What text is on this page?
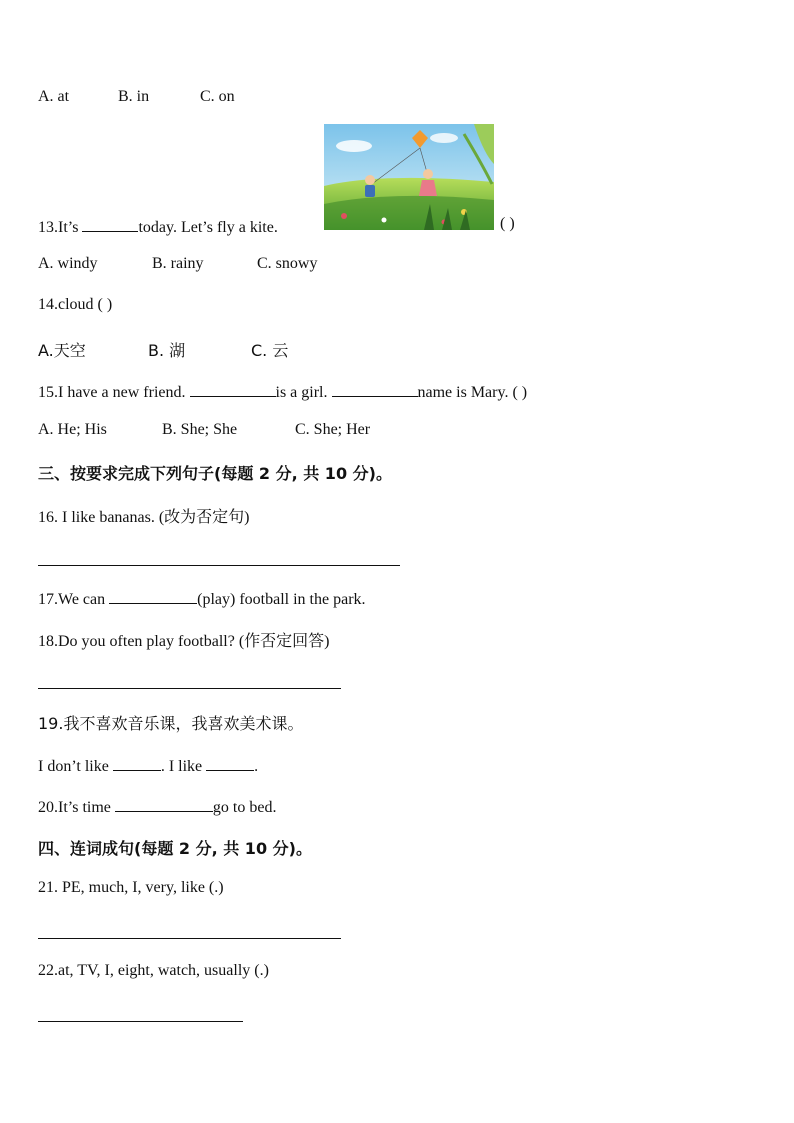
A. at	B. in	C. on
13.It’s	today. Let’s fly a kite.	( )
A. windy	B. rainy	C. snowy
14.cloud ( )
A.天空	B. 湖	C. 云
15.I have a new friend.	is a girl.	name is Mary. ( )
A. He; His	B. She; She	C. She; Her
三、按要求完成下列句子(每题 2 分, 共 10 分)。
16. I like bananas. (改为否定句)
17.We can	(play) football in the park.
18.Do you often play football? (作否定回答)
19.我不喜欢音乐课，我喜欢美术课。
I don’t like	. I like	.
20.It’s time	go to bed.
四、连词成句(每题 2 分, 共 10 分)。
21. PE, much, I, very, like (.)
22.at, TV, I, eight, watch, usually (.)
